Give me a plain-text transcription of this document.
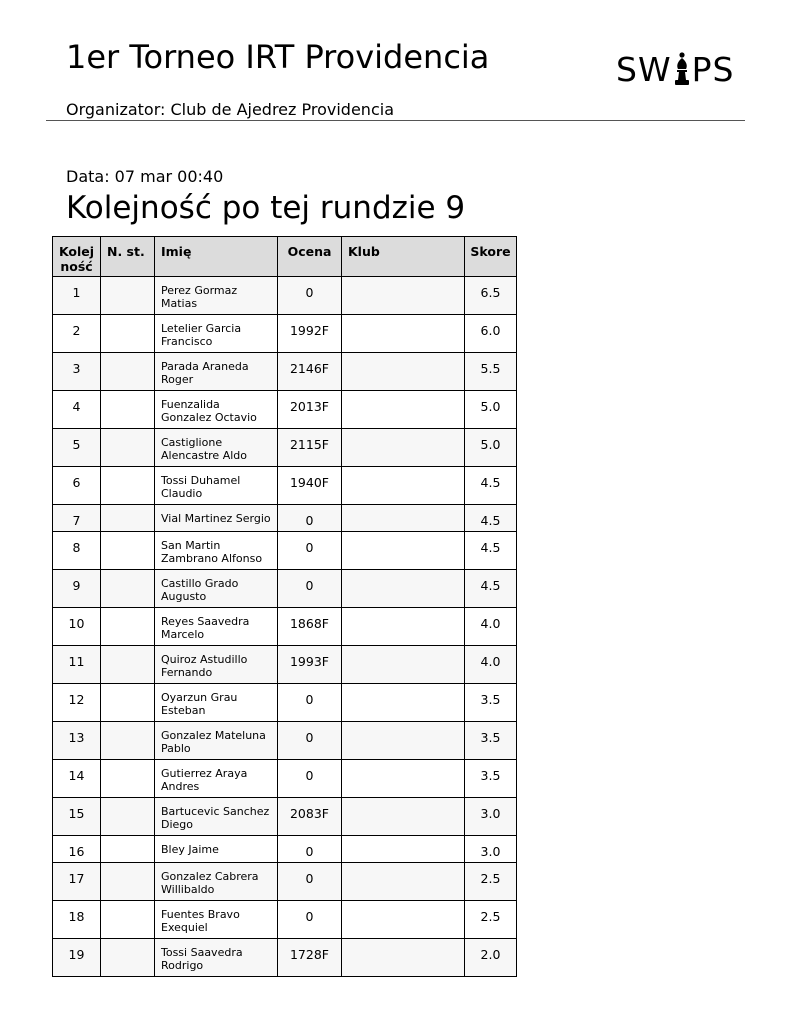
1er Torneo IRT Providencia	SW PS
Organizator: Club de Ajedrez Providencia
Data: 07 mar 00:40
Kolejność po tej rundzie 9
Kolej ność	N. st.	Imię	Ocena	Klub	Skore
1		Perez Gormaz Matias	0		6.5
2		Letelier Garcia Francisco	1992F		6.0
3		Parada Araneda Roger	2146F		5.5
4		Fuenzalida Gonzalez Octavio	2013F		5.0
5		Castiglione Alencastre Aldo	2115F		5.0
6		Tossi Duhamel Claudio	1940F		4.5
7		Vial Martinez Sergio	0		4.5
8		San Martin Zambrano Alfonso	0		4.5
9		Castillo Grado Augusto	0		4.5
10		Reyes Saavedra Marcelo	1868F		4.0
11		Quiroz Astudillo Fernando	1993F		4.0
12		Oyarzun Grau Esteban	0		3.5
13		Gonzalez Mateluna Pablo	0		3.5
14		Gutierrez Araya Andres	0		3.5
15		Bartucevic Sanchez Diego	2083F		3.0
16		Bley Jaime	0		3.0
17		Gonzalez Cabrera Willibaldo	0		2.5
18		Fuentes Bravo Exequiel	0		2.5
19		Tossi Saavedra Rodrigo	1728F		2.0
